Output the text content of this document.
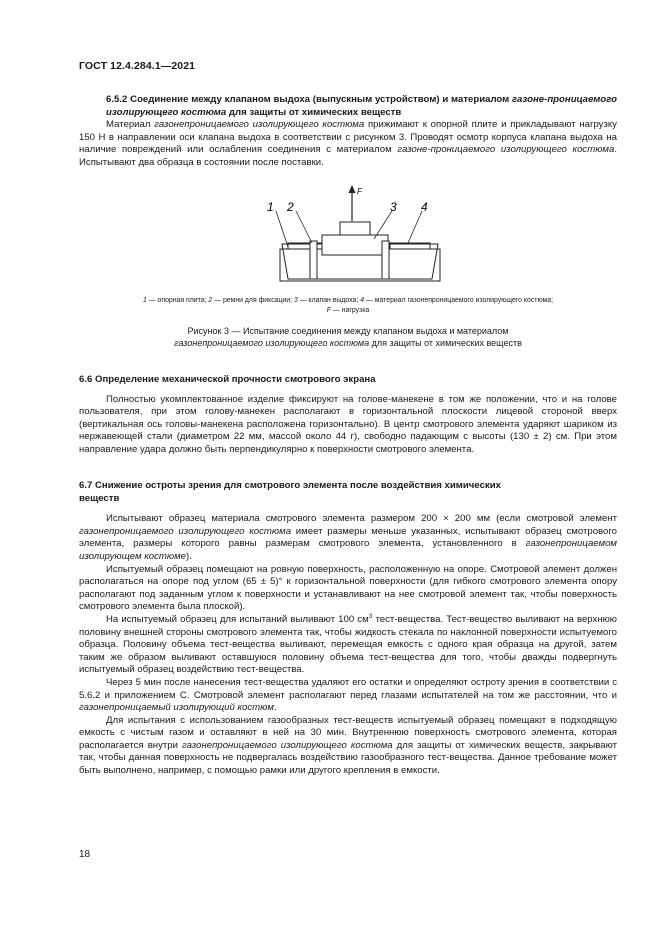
ГОСТ 12.4.284.1—2021

6.5.2 Соединение между клапаном выдоха (выпускным устройством) и материалом газоне-проницаемого изолирующего костюма для защиты от химических веществ

Материал газонепроницаемого изолирующего костюма прижимают к опорной плите и прикладывают нагрузку 150 Н в направлении оси клапана выдоха в соответствии с рисунком 3. Проводят осмотр корпуса клапана выдоха на наличие повреждений или ослабления соединения с материалом газоне-проницаемого изолирующего костюма. Испытывают два образца в состоянии после поставки.

F
1 2	3 4
1 — опорная плита; 2 — ремни для фиксации; 3 — клапан выдоха; 4 — материал газонепроницаемого изолирующего костюма;
F — нагрузка
Рисунок 3 — Испытание соединения между клапаном выдоха и материалом
газонепроницаемого изолирующего костюма для защиты от химических веществ

6.6 Определение механической прочности смотрового экрана

Полностью укомплектованное изделие фиксируют на голове-манекене в том же положении, что и на голове пользователя, при этом голову-манекен располагают в горизонтальной плоскости лицевой стороной вверх (вертикальная ось головы-манекена расположена горизонтально). В центр смотрового элемента ударяют шариком из нержавеющей стали (диаметром 22 мм, массой около 44 г), свободно падающим с высоты (130 ± 2) см. При этом направление удара должно быть перпендикулярно к поверхности смотрового элемента.

6.7 Снижение остроты зрения для смотрового элемента после воздействия химических
веществ

Испытывают образец материала смотрового элемента размером 200 × 200 мм (если смотровой элемент газонепроницаемого изолирующего костюма имеет размеры меньше указанных, испытывают образец смотрового элемента, размеры которого равны размерам смотрового элемента, установленного в газонепроницаемом изолирующем костюме).

Испытуемый образец помещают на ровную поверхность, расположенную на опоре. Смотровой элемент должен располагаться на опоре под углом (65 ± 5)° к горизонтальной поверхности (для гибкого смотрового элемента опору располагают под заданным углом к поверхности и устанавливают на нее смотровой элемент так, чтобы поверхность смотрового элемента была плоской).

На испытуемый образец для испытаний выливают 100 $см^3$ тест-вещества. Тест-вещество выливают на верхнюю половину внешней стороны смотрового элемента так, чтобы жидкость стекала по наклонной поверхности испытуемого образца. Половину объема тест-вещества выливают, перемещая емкость с одного края образца на другой, затем таким же образом выливают оставшуюся половину объема тест-вещества для того, чтобы дважды подвергнуть испытуемый образец воздействию тест-вещества.

Через 5 мин после нанесения тест-вещества удаляют его остатки и определяют остроту зрения в соответствии с 5.6.2 и приложением С. Смотровой элемент располагают перед глазами испытателей на том же расстоянии, что и газонепроницаемый изолирующий костюм.

Для испытания с использованием газообразных тест-веществ испытуемый образец помещают в подходящую емкость с чистым газом и оставляют в ней на 30 мин. Внутреннюю поверхность смотрового элемента, которая располагается внутри газонепроницаемого изолирующего костюма для защиты от химических веществ, закрывают так, чтобы данная поверхность не подвергалась воздействию газообразного тест-вещества. Данное требование может быть выполнено, например, с помощью рамки или другого крепления в емкости.

18
